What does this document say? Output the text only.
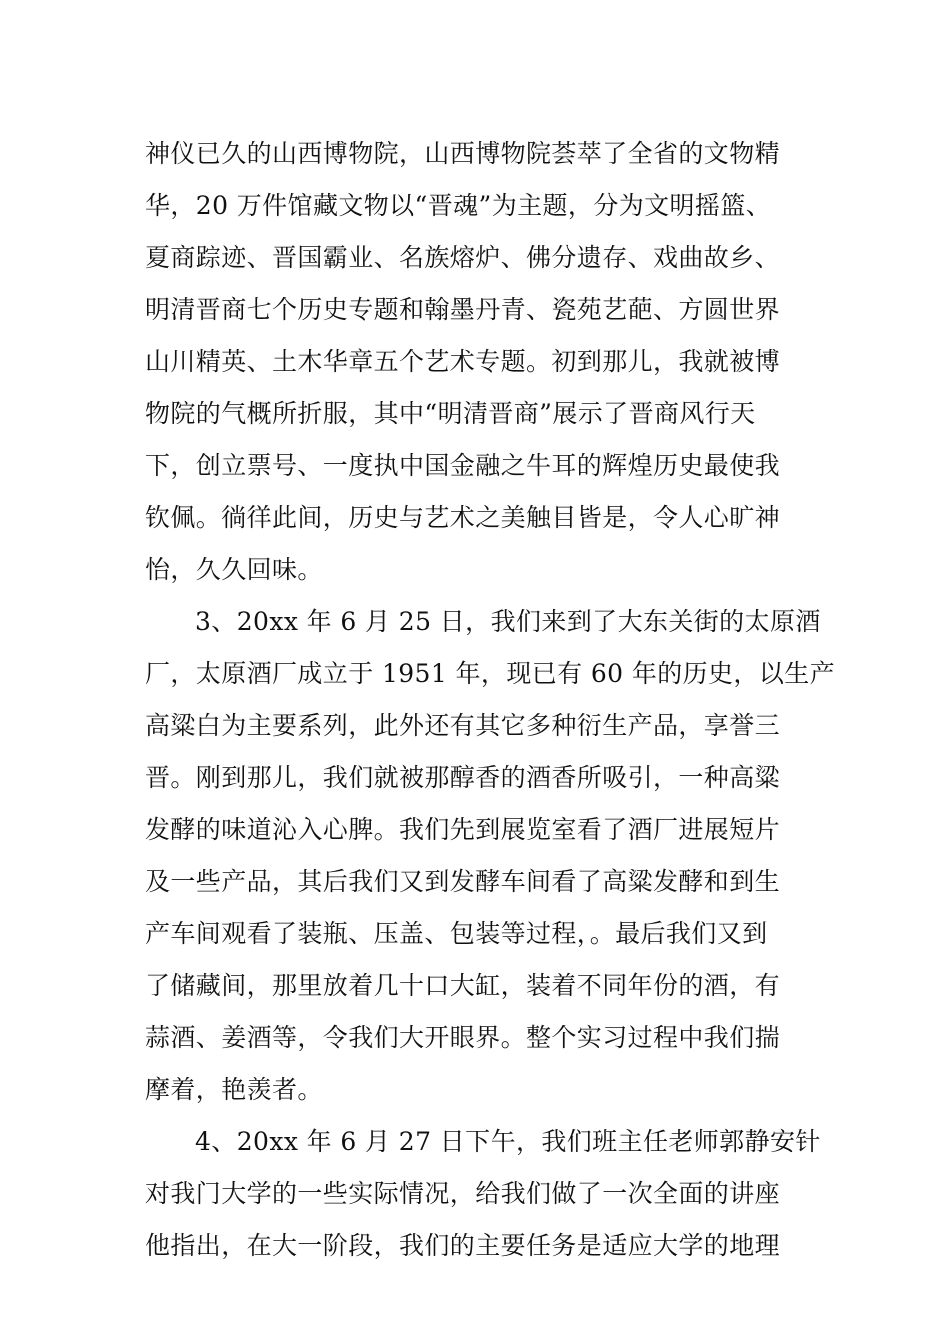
神仪已久的山西博物院，山西博物院荟萃了全省的文物精
华，20 万件馆藏文物以“晋魂”为主题，分为文明摇篮、
夏商踪迹、晋国霸业、名族熔炉、佛分遗存、戏曲故乡、
明清晋商七个历史专题和翰墨丹青、瓷苑艺葩、方圆世界
山川精英、土木华章五个艺术专题。初到那儿，我就被博
物院的气概所折服，其中“明清晋商”展示了晋商风行天
下，创立票号、一度执中国金融之牛耳的辉煌历史最使我
钦佩。徜徉此间，历史与艺术之美触目皆是，令人心旷神
怡，久久回味。
3、20xx 年 6 月 25 日，我们来到了大东关街的太原酒
厂，太原酒厂成立于 1951 年，现已有 60 年的历史，以生产
高粱白为主要系列，此外还有其它多种衍生产品，享誉三
晋。刚到那儿，我们就被那醇香的酒香所吸引，一种高粱
发酵的味道沁入心脾。我们先到展览室看了酒厂进展短片
及一些产品，其后我们又到发酵车间看了高粱发酵和到生
产车间观看了装瓶、压盖、包装等过程，。最后我们又到
了储藏间，那里放着几十口大缸，装着不同年份的酒，有
蒜酒、姜酒等，令我们大开眼界。整个实习过程中我们揣
摩着，艳羡者。
4、20xx 年 6 月 27 日下午，我们班主任老师郭静安针
对我门大学的一些实际情况，给我们做了一次全面的讲座
他指出，在大一阶段，我们的主要任务是适应大学的地理
